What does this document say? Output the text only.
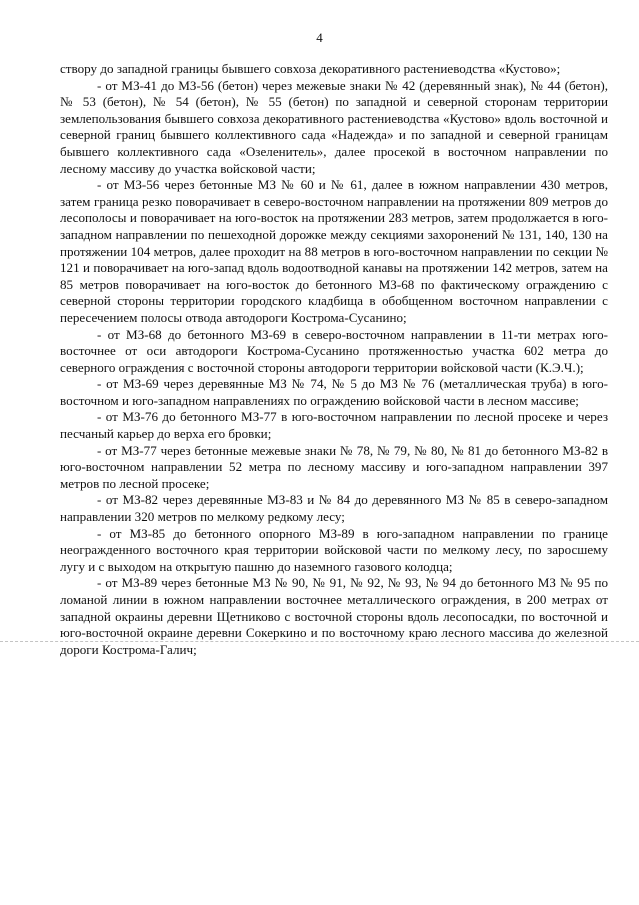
4

створу до западной границы бывшего совхоза декоративного растениеводства «Кустово»;

- от МЗ-41 до МЗ-56 (бетон) через межевые знаки № 42 (деревянный знак), № 44 (бетон), № 53 (бетон), № 54 (бетон), № 55 (бетон) по западной и северной сторонам территории землепользования бывшего совхоза декоративного растениеводства «Кустово» вдоль восточной и северной границ бывшего коллективного сада «Надежда» и по западной и северной границам бывшего коллективного сада «Озеленитель», далее просекой в восточном направлении по лесному массиву до участка войсковой части;

- от МЗ-56 через бетонные МЗ № 60 и № 61, далее в южном направлении 430 метров, затем граница резко поворачивает в северо-восточном направлении на протяжении 809 метров до лесополосы и поворачивает на юго-восток на протяжении 283 метров, затем продолжается в юго-западном направлении по пешеходной дорожке между секциями захоронений № 131, 140, 130 на протяжении 104 метров, далее проходит на 88 метров в юго-восточном направлении по секции № 121 и поворачивает на юго-запад вдоль водоотводной канавы на протяжении 142 метров, затем на 85 метров поворачивает на юго-восток до бетонного МЗ-68 по фактическому ограждению с северной стороны территории городского кладбища в обобщенном восточном направлении с пересечением полосы отвода автодороги Кострома-Сусанино;

- от МЗ-68 до бетонного МЗ-69 в северо-восточном направлении в 11-ти метрах юго-восточнее от оси автодороги Кострома-Сусанино протяженностью участка 602 метра до северного ограждения с восточной стороны автодороги территории войсковой части (К.Э.Ч.);

- от МЗ-69 через деревянные МЗ № 74, № 5 до МЗ № 76 (металлическая труба) в юго-восточном и юго-западном направлениях по ограждению войсковой части в лесном массиве;

- от МЗ-76 до бетонного МЗ-77 в юго-восточном направлении по лесной просеке и через песчаный карьер до верха его бровки;

- от МЗ-77 через бетонные межевые знаки № 78, № 79, № 80, № 81 до бетонного МЗ-82 в юго-восточном направлении 52 метра по лесному массиву и юго-западном направлении 397 метров по лесной просеке;

- от МЗ-82 через деревянные МЗ-83 и № 84 до деревянного МЗ № 85 в северо-западном направлении 320 метров по мелкому редкому лесу;

- от МЗ-85 до бетонного опорного МЗ-89 в юго-западном направлении по границе неогражденного восточного края территории войсковой части по мелкому лесу, по заросшему лугу и с выходом на открытую пашню до наземного газового колодца;

- от МЗ-89 через бетонные МЗ № 90, № 91, № 92, № 93, № 94 до бетонного МЗ № 95 по ломаной линии в южном направлении восточнее металлического ограждения, в 200 метрах от западной окраины деревни Щетниково с восточной стороны вдоль лесопосадки, по восточной и юго-восточной окраине деревни Сокеркино и по восточному краю лесного массива до железной дороги Кострома-Галич;
